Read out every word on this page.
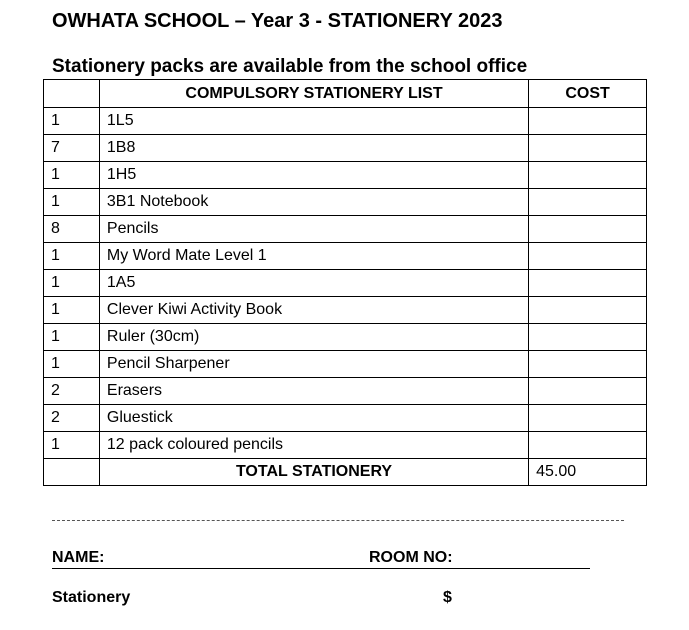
OWHATA SCHOOL – Year 3 - STATIONERY 2023
Stationery packs are available from the school office
	COMPULSORY STATIONERY LIST	COST
1	1L5	
7	1B8	
1	1H5	
1	3B1 Notebook	
8	Pencils	
1	My Word Mate Level 1	
1	1A5	
1	Clever Kiwi Activity Book	
1	Ruler (30cm)	
1	Pencil Sharpener	
2	Erasers	
2	Gluestick	
1	12 pack coloured pencils	
	TOTAL STATIONERY	45.00
NAME:	ROOM NO:
Stationery	$
